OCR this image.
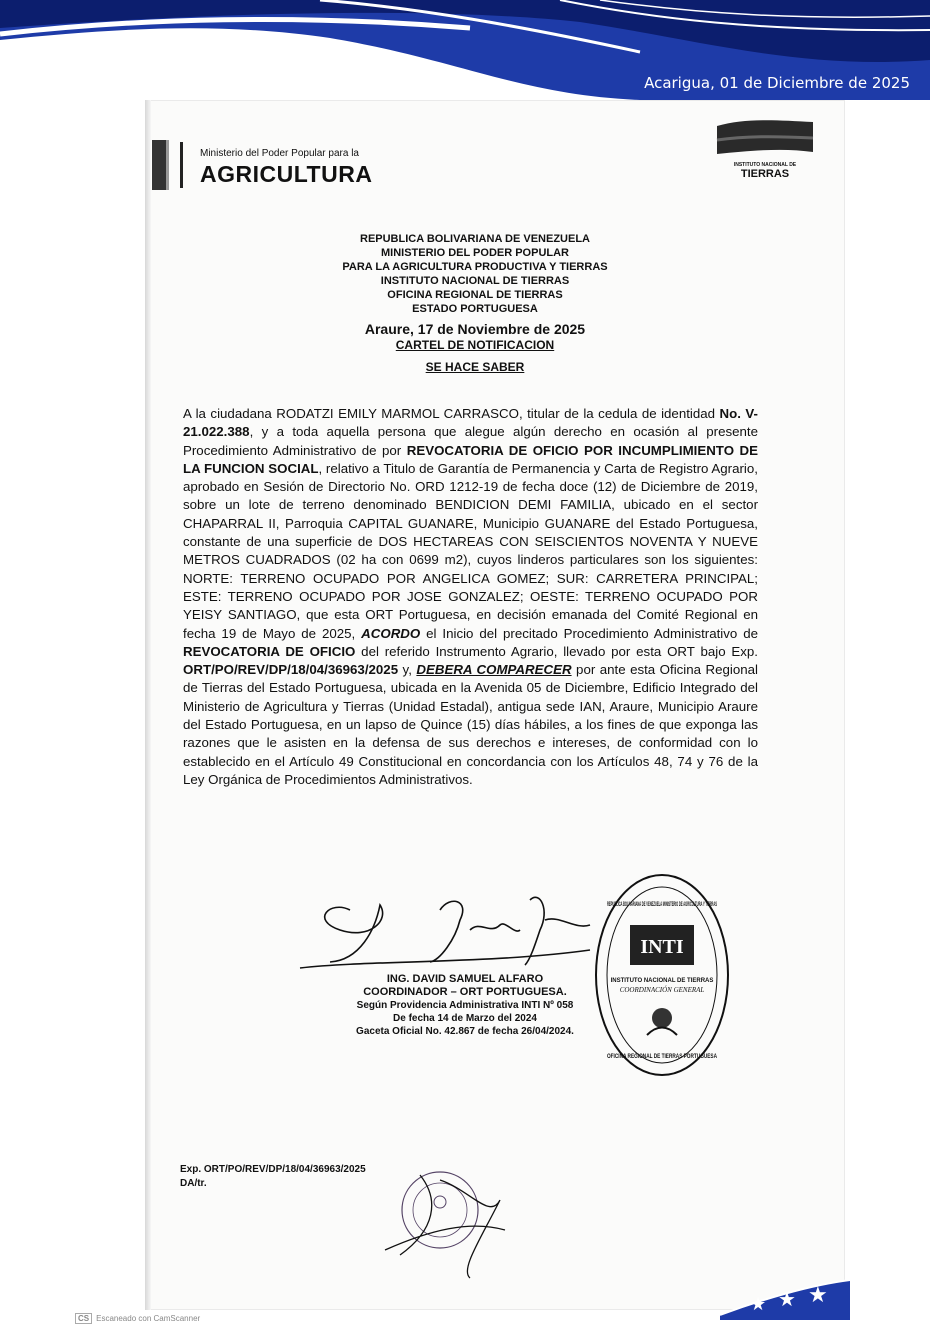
Acarigua, 01 de Diciembre de 2025
Ministerio del Poder Popular para la
AGRICULTURA	INSTITUTO NACIONAL DE
TIERRAS
REPUBLICA BOLIVARIANA DE VENEZUELA
MINISTERIO DEL PODER POPULAR
PARA LA AGRICULTURA PRODUCTIVA Y TIERRAS
INSTITUTO NACIONAL DE TIERRAS
OFICINA REGIONAL DE TIERRAS
ESTADO PORTUGUESA
Araure, 17 de Noviembre de 2025
CARTEL DE NOTIFICACION
SE HACE SABER
A la ciudadana RODATZI EMILY MARMOL CARRASCO, titular de la cedula de identidad No. V-21.022.388, y a toda aquella persona que alegue algún derecho en ocasión al presente Procedimiento Administrativo de por REVOCATORIA DE OFICIO POR INCUMPLIMIENTO DE LA FUNCION SOCIAL, relativo a Titulo de Garantía de Permanencia y Carta de Registro Agrario, aprobado en Sesión de Directorio No. ORD 1212-19 de fecha doce (12) de Diciembre de 2019, sobre un lote de terreno denominado BENDICION DEMI FAMILIA, ubicado en el sector CHAPARRAL II, Parroquia CAPITAL GUANARE, Municipio GUANARE del Estado Portuguesa, constante de una superficie de DOS HECTAREAS CON SEISCIENTOS NOVENTA Y NUEVE METROS CUADRADOS (02 ha con 0699 m2), cuyos linderos particulares son los siguientes: NORTE: TERRENO OCUPADO POR ANGELICA GOMEZ; SUR: CARRETERA PRINCIPAL; ESTE: TERRENO OCUPADO POR JOSE GONZALEZ; OESTE: TERRENO OCUPADO POR YEISY SANTIAGO, que esta ORT Portuguesa, en decisión emanada del Comité Regional en fecha 19 de Mayo de 2025, ACORDO el Inicio del precitado Procedimiento Administrativo de REVOCATORIA DE OFICIO del referido Instrumento Agrario, llevado por esta ORT bajo Exp. ORT/PO/REV/DP/18/04/36963/2025 y, DEBERA COMPARECER por ante esta Oficina Regional de Tierras del Estado Portuguesa, ubicada en la Avenida 05 de Diciembre, Edificio Integrado del Ministerio de Agricultura y Tierras (Unidad Estadal), antigua sede IAN, Araure, Municipio Araure del Estado Portuguesa, en un lapso de Quince (15) días hábiles, a los fines de que exponga las razones que le asisten en la defensa de sus derechos e intereses, de conformidad con lo establecido en el Artículo 49 Constitucional en concordancia con los Artículos 48, 74 y 76 de la Ley Orgánica de Procedimientos Administrativos.
ING. DAVID SAMUEL ALFARO
COORDINADOR – ORT PORTUGUESA.
Según Providencia Administrativa INTI Nº 058
De fecha 14 de Marzo del 2024
Gaceta Oficial No. 42.867 de fecha 26/04/2024.
INTI
INSTITUTO NACIONAL DE TIERRAS
COORDINACIÓN GENERAL
REPUBLICA BOLIVARIANA DE VENEZUELA MINISTERIO DE AGRICULTURA Y TIERRAS
OFICINA REGIONAL DE TIERRAS PORTUGUESA
Exp. ORT/PO/REV/DP/18/04/36963/2025
DA/tr.
★ ★ ★
CS Escaneado con CamScanner
